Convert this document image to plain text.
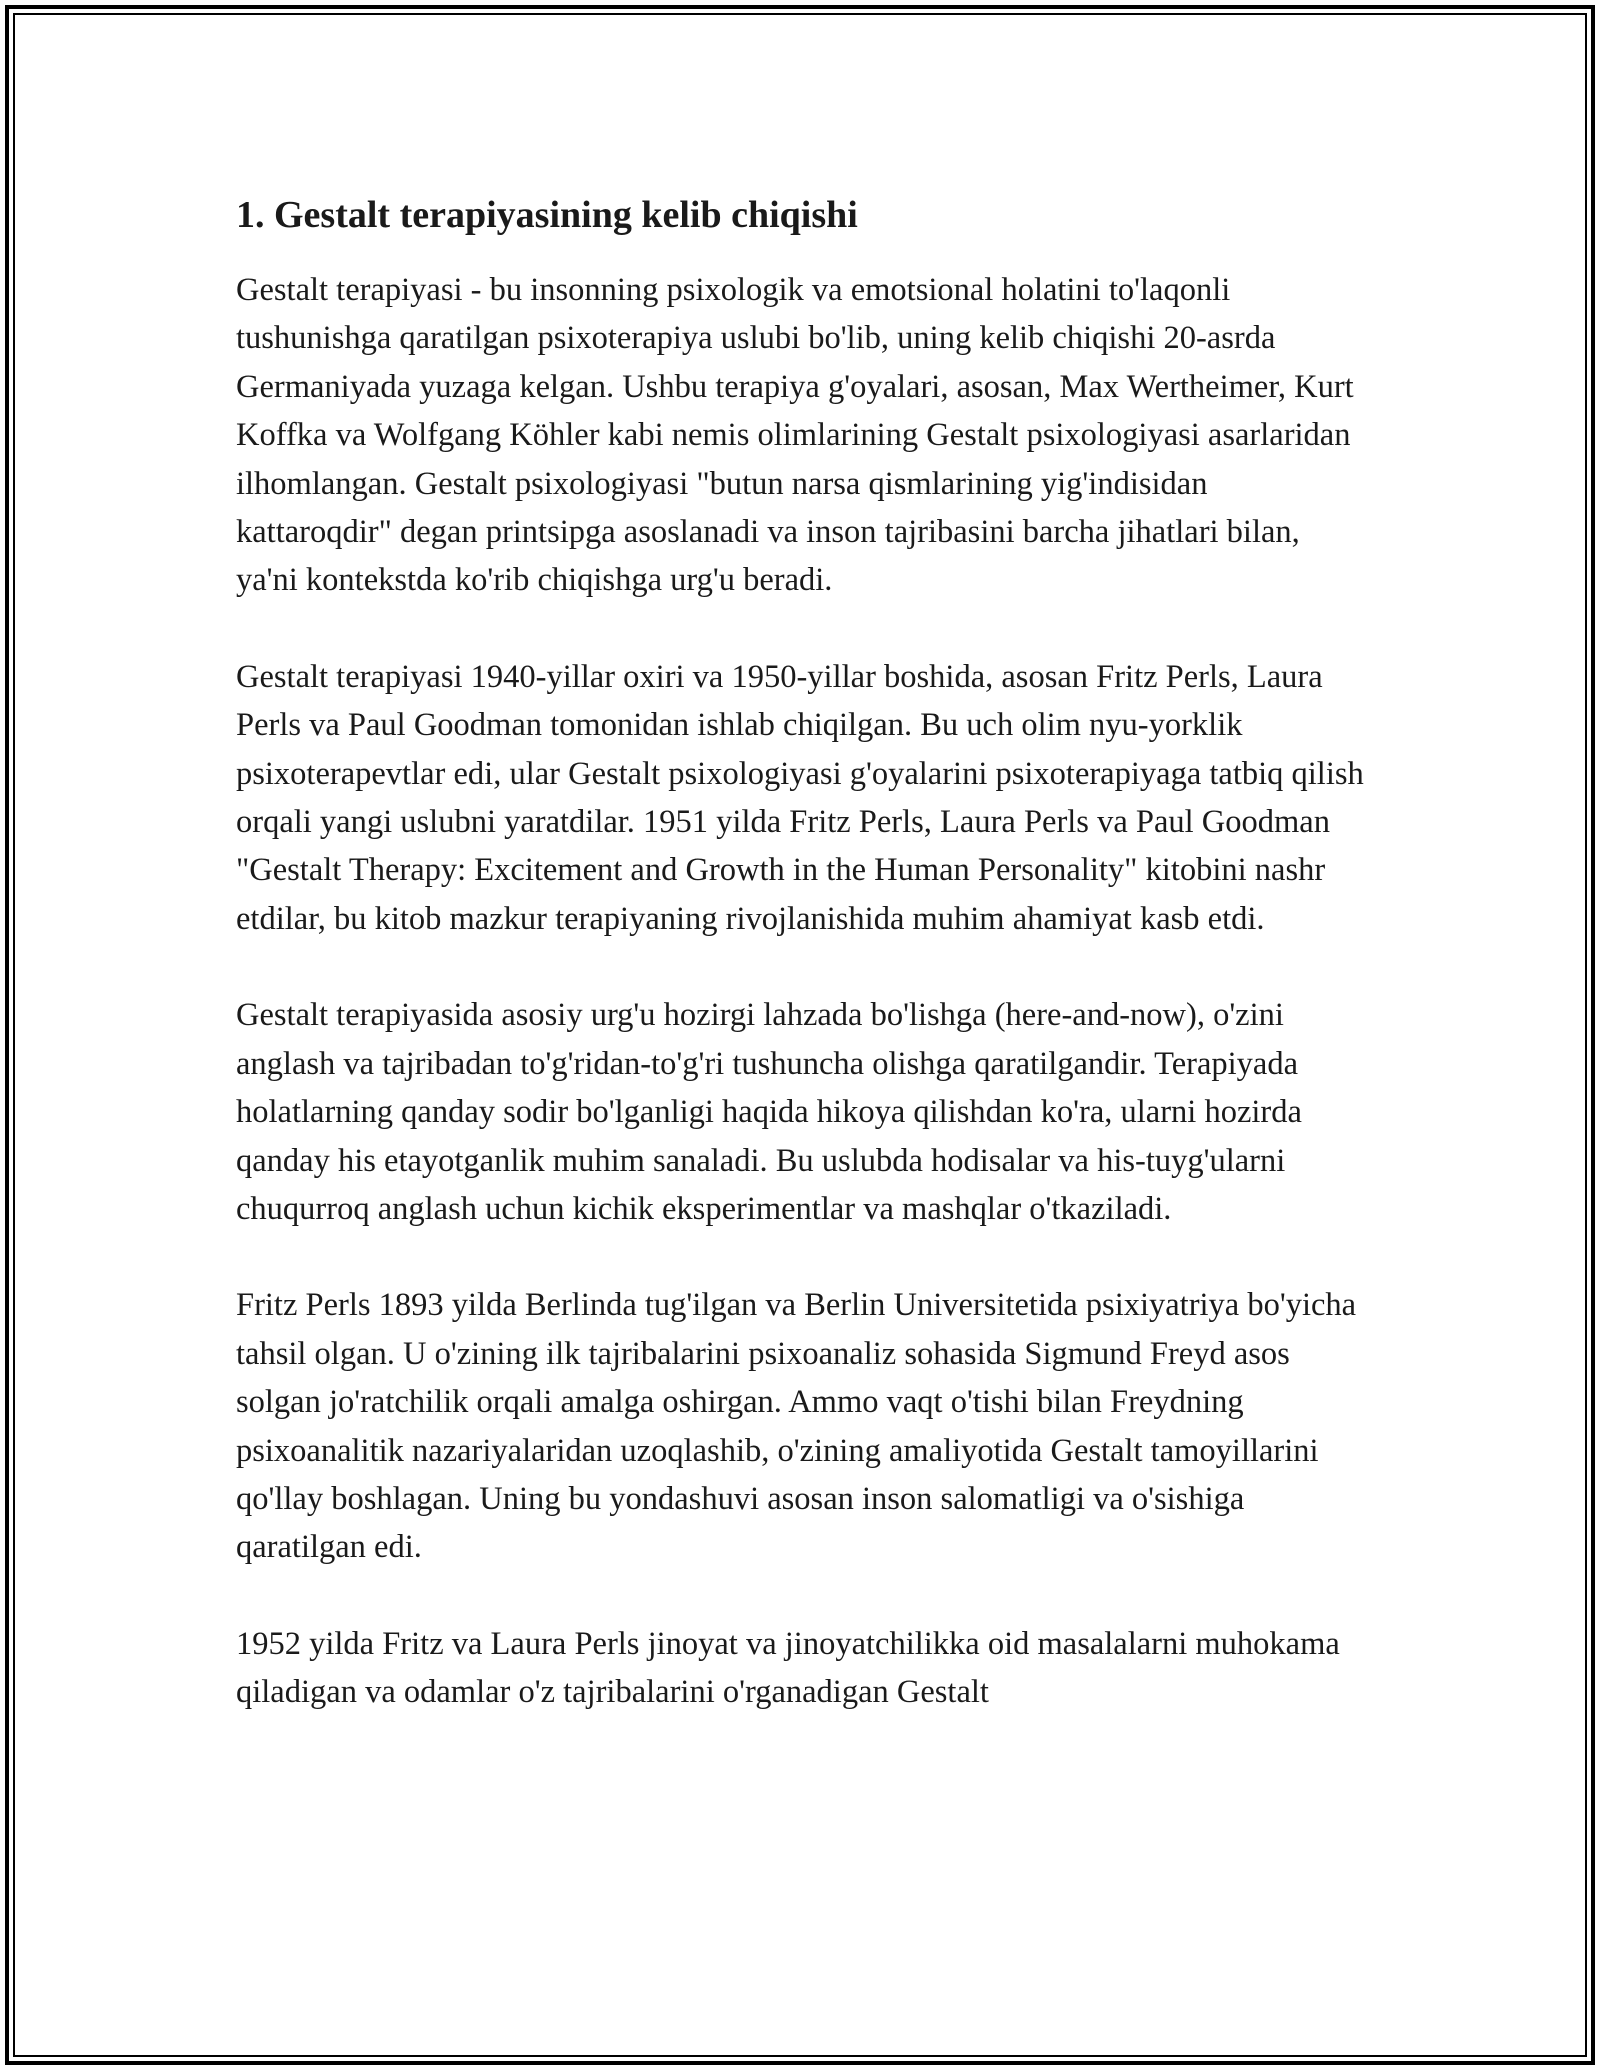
1. Gestalt terapiyasining kelib chiqishi

Gestalt terapiyasi - bu insonning psixologik va emotsional holatini to'laqonli tushunishga qaratilgan psixoterapiya uslubi bo'lib, uning kelib chiqishi 20-asrda Germaniyada yuzaga kelgan. Ushbu terapiya g'oyalari, asosan, Max Wertheimer, Kurt Koffka va Wolfgang Köhler kabi nemis olimlarining Gestalt psixologiyasi asarlaridan ilhomlangan. Gestalt psixologiyasi "butun narsa qismlarining yig'indisidan kattaroqdir" degan printsipga asoslanadi va inson tajribasini barcha jihatlari bilan, ya'ni kontekstda ko'rib chiqishga urg'u beradi.

Gestalt terapiyasi 1940-yillar oxiri va 1950-yillar boshida, asosan Fritz Perls, Laura Perls va Paul Goodman tomonidan ishlab chiqilgan. Bu uch olim nyu-yorklik psixoterapevtlar edi, ular Gestalt psixologiyasi g'oyalarini psixoterapiyaga tatbiq qilish orqali yangi uslubni yaratdilar. 1951 yilda Fritz Perls, Laura Perls va Paul Goodman "Gestalt Therapy: Excitement and Growth in the Human Personality" kitobini nashr etdilar, bu kitob mazkur terapiyaning rivojlanishida muhim ahamiyat kasb etdi.

Gestalt terapiyasida asosiy urg'u hozirgi lahzada bo'lishga (here-and-now), o'zini anglash va tajribadan to'g'ridan-to'g'ri tushuncha olishga qaratilgandir. Terapiyada holatlarning qanday sodir bo'lganligi haqida hikoya qilishdan ko'ra, ularni hozirda qanday his etayotganlik muhim sanaladi. Bu uslubda hodisalar va his-tuyg'ularni chuqurroq anglash uchun kichik eksperimentlar va mashqlar o'tkaziladi.

Fritz Perls 1893 yilda Berlinda tug'ilgan va Berlin Universitetida psixiyatriya bo'yicha tahsil olgan. U o'zining ilk tajribalarini psixoanaliz sohasida Sigmund Freyd asos solgan jo'ratchilik orqali amalga oshirgan. Ammo vaqt o'tishi bilan Freydning psixoanalitik nazariyalaridan uzoqlashib, o'zining amaliyotida Gestalt tamoyillarini qo'llay boshlagan. Uning bu yondashuvi asosan inson salomatligi va o'sishiga qaratilgan edi.

1952 yilda Fritz va Laura Perls jinoyat va jinoyatchilikka oid masalalarni muhokama qiladigan va odamlar o'z tajribalarini o'rganadigan Gestalt
